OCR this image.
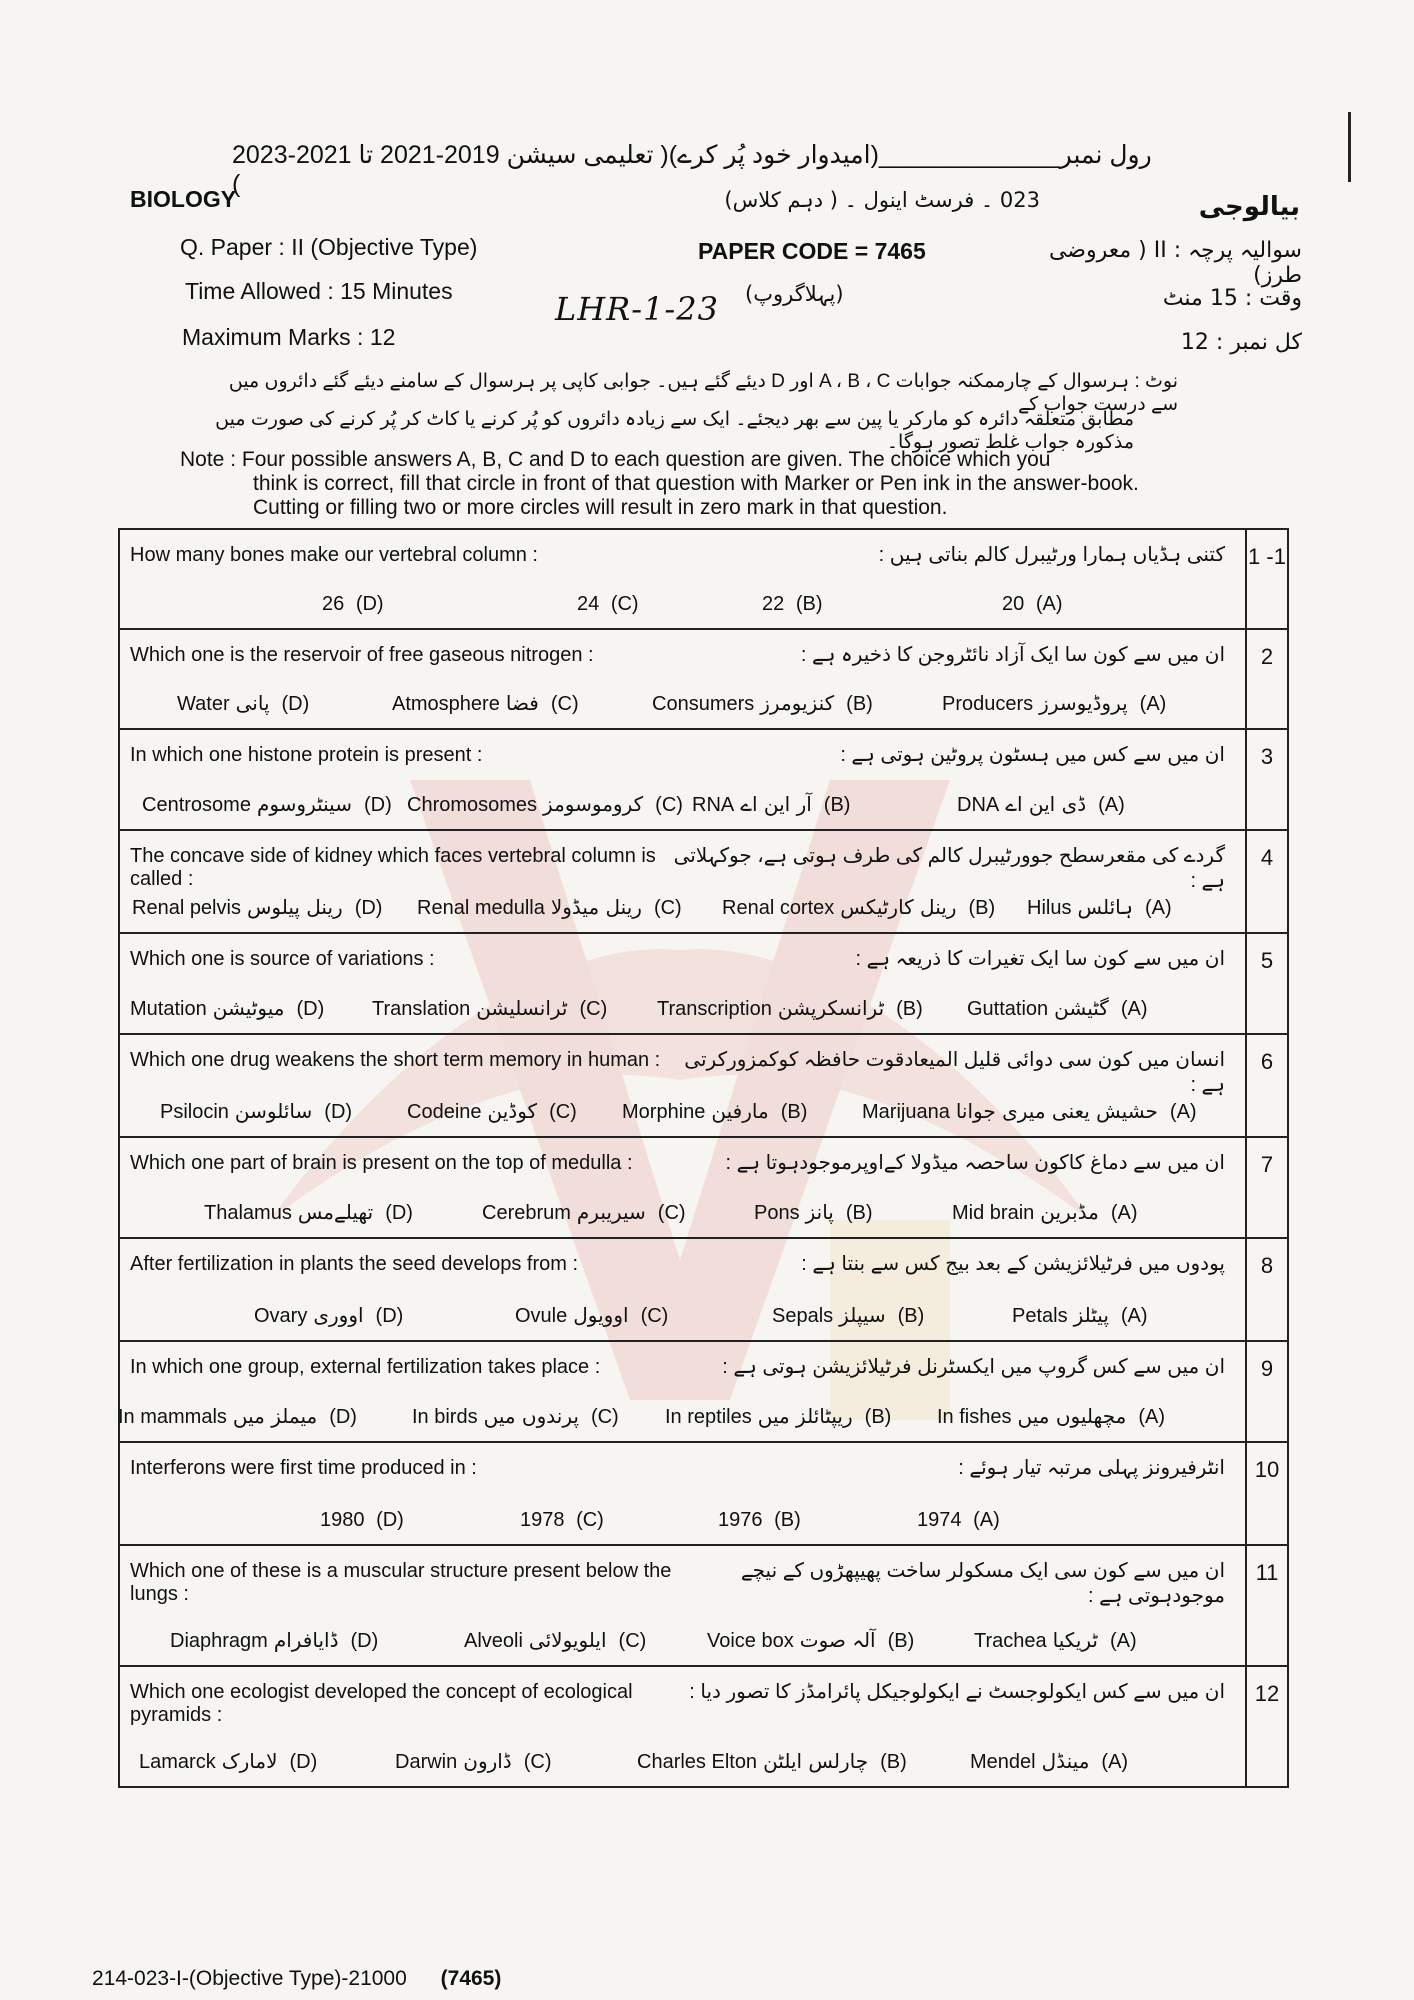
رول نمبر_____________(امیدوار خود پُر کرے)( تعلیمی سیشن 2019-2021 تا 2021-2023 )
BIOLOGY	بیالوجی
023 ۔ فرسٹ اینول ۔ ( دہم کلاس)
Q. Paper : II (Objective Type)	PAPER CODE = 7465	سوالیہ پرچہ : II ( معروضی طرز)
Time Allowed : 15 Minutes	LHR-1-23 (پہلاگروپ)	وقت : 15 منٹ
Maximum Marks : 12	کل نمبر : 12
نوٹ : ہرسوال کے چارممکنہ جوابات A ، B ، C اور D دیئے گئے ہیں۔ جوابی کاپی پر ہرسوال کے سامنے دیئے گئے دائروں میں سے درست جواب کے
مطابق متعلقہ دائرہ کو مارکر یا پین سے بھر دیجئے۔ ایک سے زیادہ دائروں کو پُر کرنے یا کاٹ کر پُر کرنے کی صورت میں مذکورہ جواب غلط تصور ہوگا۔
Note : Four possible answers A, B, C and D to each question are given. The choice which you
think is correct, fill that circle in front of that question with Marker or Pen ink in the answer-book.
Cutting or filling two or more circles will result in zero mark in that question.
1 -1
How many bones make our vertebral column :	کتنی ہڈیاں ہمارا ورٹیبرل کالم بناتی ہیں :
20 (A)
22 (B)
24 (C)
26 (D)
2
Which one is the reservoir of free gaseous nitrogen :	ان میں سے کون سا ایک آزاد نائٹروجن کا ذخیرہ ہے :
Producers پروڈیوسرز (A)
Consumers کنزیومرز (B)
Atmosphere فضا (C)
Water پانی (D)
3
In which one histone protein is present :	ان میں سے کس میں ہسٹون پروٹین ہوتی ہے :
DNA ڈی این اے (A)
RNA آر این اے (B)
Chromosomes کروموسومز (C)
Centrosome سینٹروسوم (D)
4
The concave side of kidney which faces vertebral column is called :
گردے کی مقعرسطح جوورٹیبرل کالم کی طرف ہوتی ہے، جوکہلاتی ہے :
Hilus ہائلس (A)
Renal cortex رینل کارٹیکس (B)
Renal medulla رینل میڈولا (C)
Renal pelvis رینل پیلوس (D)
5
Which one is source of variations :	ان میں سے کون سا ایک تغیرات کا ذریعہ ہے :
Guttation گٹیشن (A)
Transcription ٹرانسکرپشن (B)
Translation ٹرانسلیشن (C)
Mutation میوٹیشن (D)
6
Which one drug weakens the short term memory in human :	انسان میں کون سی دوائی قلیل المیعادقوت حافظہ کوکمزورکرتی ہے :
Marijuana حشیش یعنی میری جوانا (A)
Morphine مارفین (B)
Codeine کوڈین (C)
Psilocin سائلوسن (D)
7
Which one part of brain is present on the top of medulla :	ان میں سے دماغ کاکون ساحصہ میڈولا کےاوپرموجودہوتا ہے :
Mid brain مڈبرین (A)
Pons پانز (B)
Cerebrum سیریبرم (C)
Thalamus تھیلےمس (D)
8
After fertilization in plants the seed develops from :	پودوں میں فرٹیلائزیشن کے بعد بیج کس سے بنتا ہے :
Petals پیٹلز (A)
Sepals سیپلز (B)
Ovule اوویول (C)
Ovary اووری (D)
9
In which one group, external fertilization takes place :	ان میں سے کس گروپ میں ایکسٹرنل فرٹیلائزیشن ہوتی ہے :
In fishes مچھلیوں میں (A)
In reptiles ریپٹائلز میں (B)
In birds پرندوں میں (C)
In mammals میملز میں (D)
10
Interferons were first time produced in :	انٹرفیرونز پہلی مرتبہ تیار ہوئے :
1974 (A)
1976 (B)
1978 (C)
1980 (D)
11
Which one of these is a muscular structure present below the lungs :
ان میں سے کون سی ایک مسکولر ساخت پھیپھڑوں کے نیچے موجودہوتی ہے :
Trachea ٹریکیا (A)
Voice box آلہ صوت (B)
Alveoli ایلویولائی (C)
Diaphragm ڈایافرام (D)
12
Which one ecologist developed the concept of ecological pyramids :
ان میں سے کس ایکولوجسٹ نے ایکولوجیکل پائرامڈز کا تصور دیا :
Mendel مینڈل (A)
Charles Elton چارلس ایلٹن (B)
Darwin ڈارون (C)
Lamarck لامارک (D)
214-023-I-(Objective Type)-21000 (7465)
